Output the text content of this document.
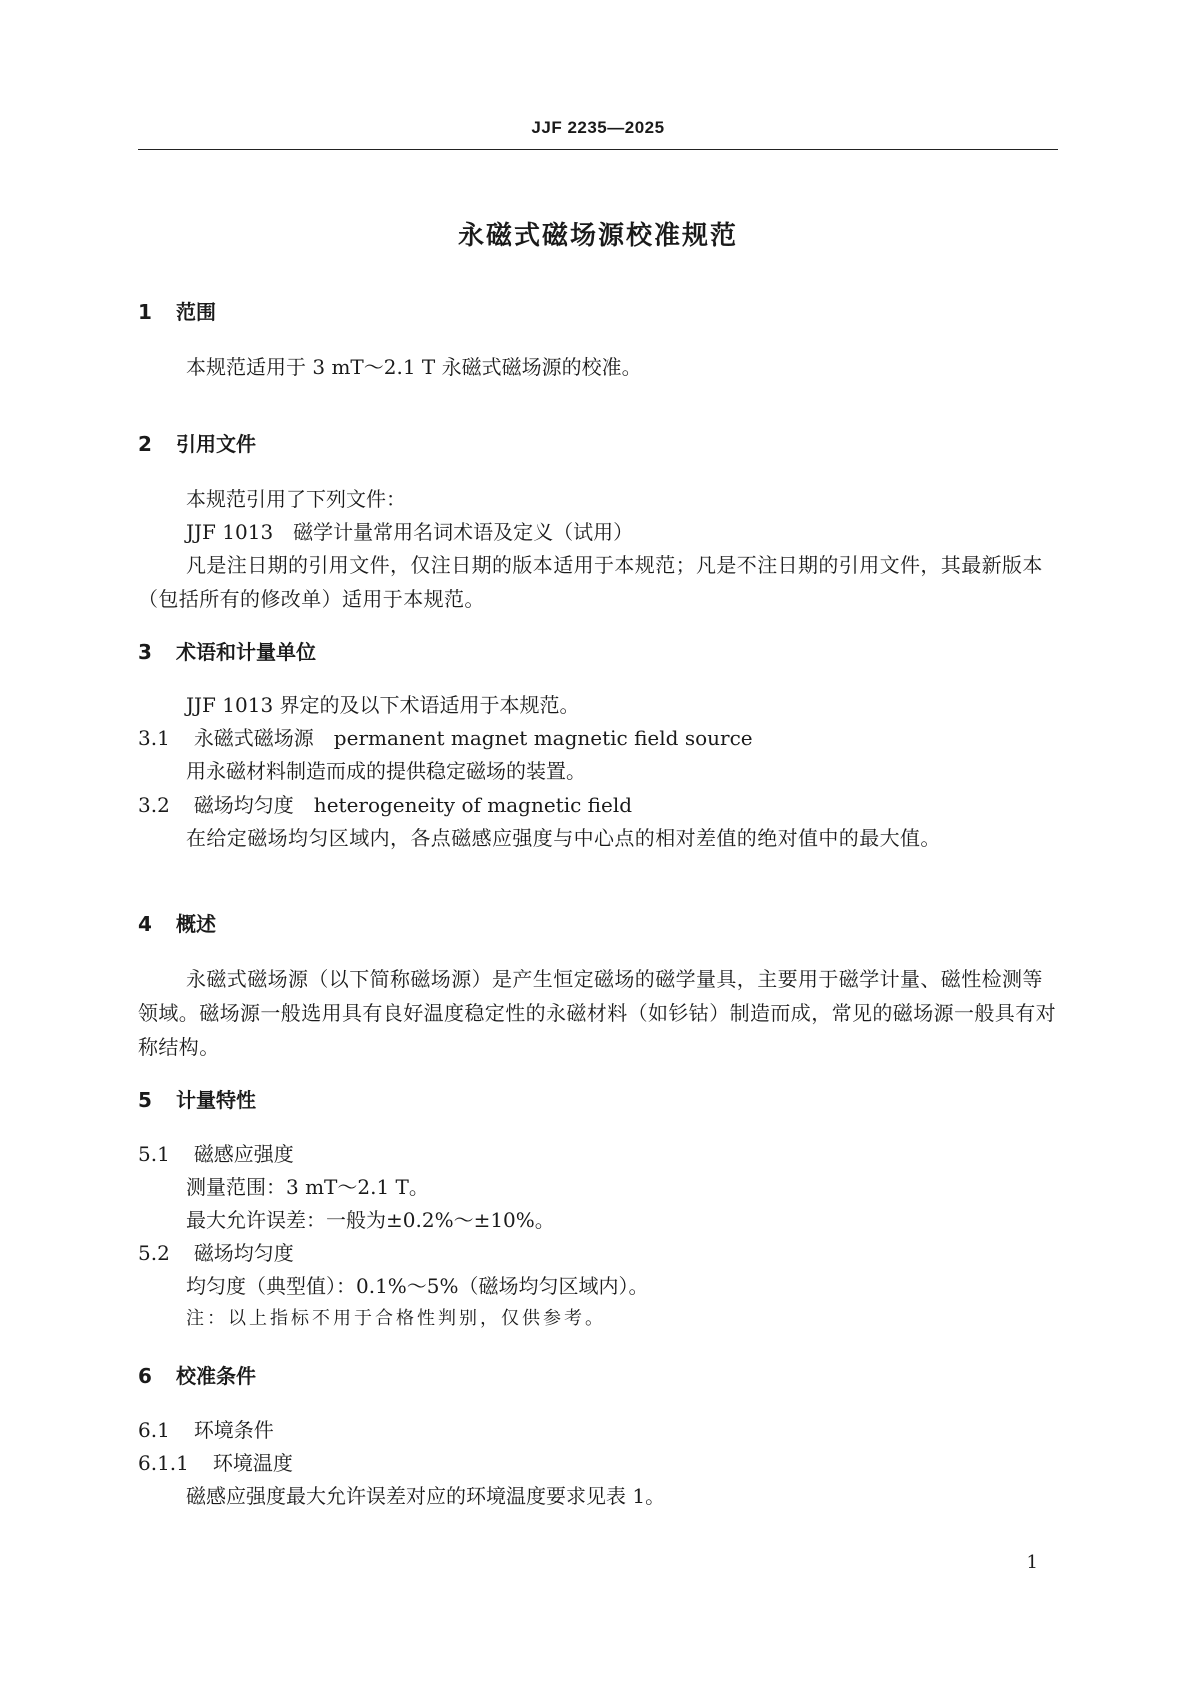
JJF 2235—2025
永磁式磁场源校准规范
1 范围
本规范适用于 3 mT～2.1 T 永磁式磁场源的校准。
2 引用文件
本规范引用了下列文件：
JJF 1013　磁学计量常用名词术语及定义（试用）
凡是注日期的引用文件，仅注日期的版本适用于本规范；凡是不注日期的引用文件，其最新版本（包括所有的修改单）适用于本规范。
3 术语和计量单位
JJF 1013 界定的及以下术语适用于本规范。
3.1 永磁式磁场源　permanent magnet magnetic field source
用永磁材料制造而成的提供稳定磁场的装置。
3.2 磁场均匀度　heterogeneity of magnetic field
在给定磁场均匀区域内，各点磁感应强度与中心点的相对差值的绝对值中的最大值。
4 概述
永磁式磁场源（以下简称磁场源）是产生恒定磁场的磁学量具，主要用于磁学计量、磁性检测等领域。磁场源一般选用具有良好温度稳定性的永磁材料（如钐钴）制造而成，常见的磁场源一般具有对称结构。
5 计量特性
5.1 磁感应强度
测量范围：3 mT～2.1 T。
最大允许误差：一般为±0.2%～±10%。
5.2 磁场均匀度
均匀度（典型值）：0.1%～5%（磁场均匀区域内）。
注：以上指标不用于合格性判别，仅供参考。
6 校准条件
6.1 环境条件
6.1.1 环境温度
磁感应强度最大允许误差对应的环境温度要求见表 1。
1
